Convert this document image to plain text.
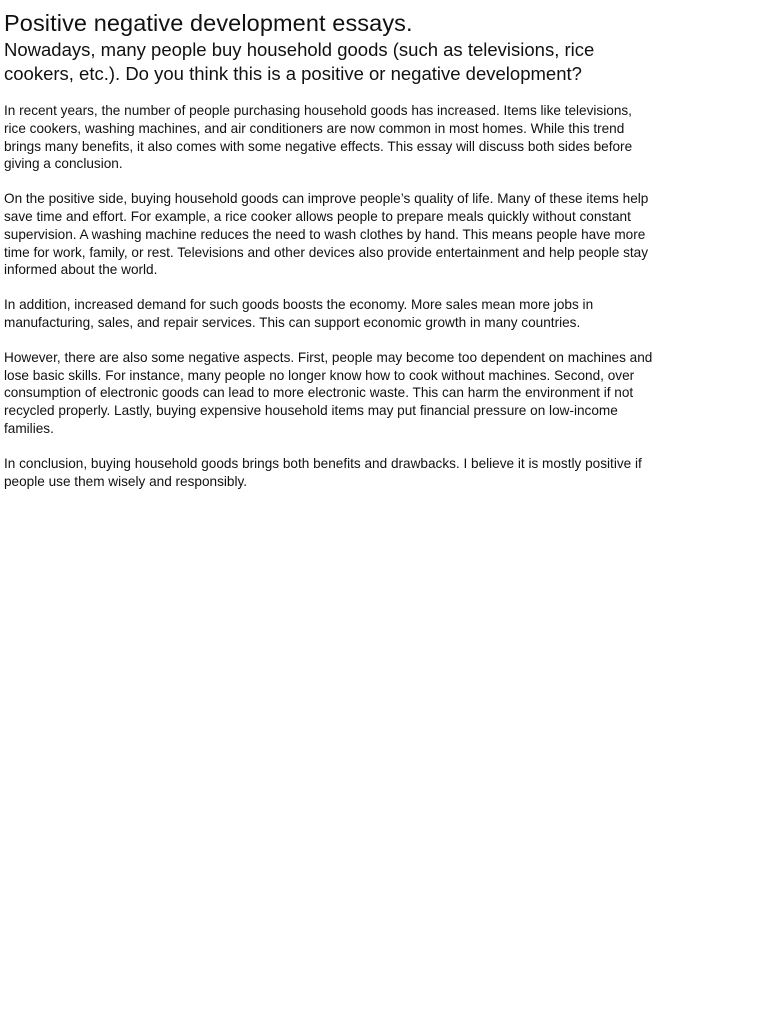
Positive negative development essays.
Nowadays, many people buy household goods (such as televisions, rice cookers, etc.). Do you think this is a positive or negative development?

In recent years, the number of people purchasing household goods has increased. Items like televisions, rice cookers, washing machines, and air conditioners are now common in most homes. While this trend brings many benefits, it also comes with some negative effects. This essay will discuss both sides before giving a conclusion.

On the positive side, buying household goods can improve people’s quality of life. Many of these items help save time and effort. For example, a rice cooker allows people to prepare meals quickly without constant supervision. A washing machine reduces the need to wash clothes by hand. This means people have more time for work, family, or rest. Televisions and other devices also provide entertainment and help people stay informed about the world.

In addition, increased demand for such goods boosts the economy. More sales mean more jobs in manufacturing, sales, and repair services. This can support economic growth in many countries.

However, there are also some negative aspects. First, people may become too dependent on machines and lose basic skills. For instance, many people no longer know how to cook without machines. Second, over consumption of electronic goods can lead to more electronic waste. This can harm the environment if not recycled properly. Lastly, buying expensive household items may put financial pressure on low-income families.

In conclusion, buying household goods brings both benefits and drawbacks. I believe it is mostly positive if people use them wisely and responsibly.
